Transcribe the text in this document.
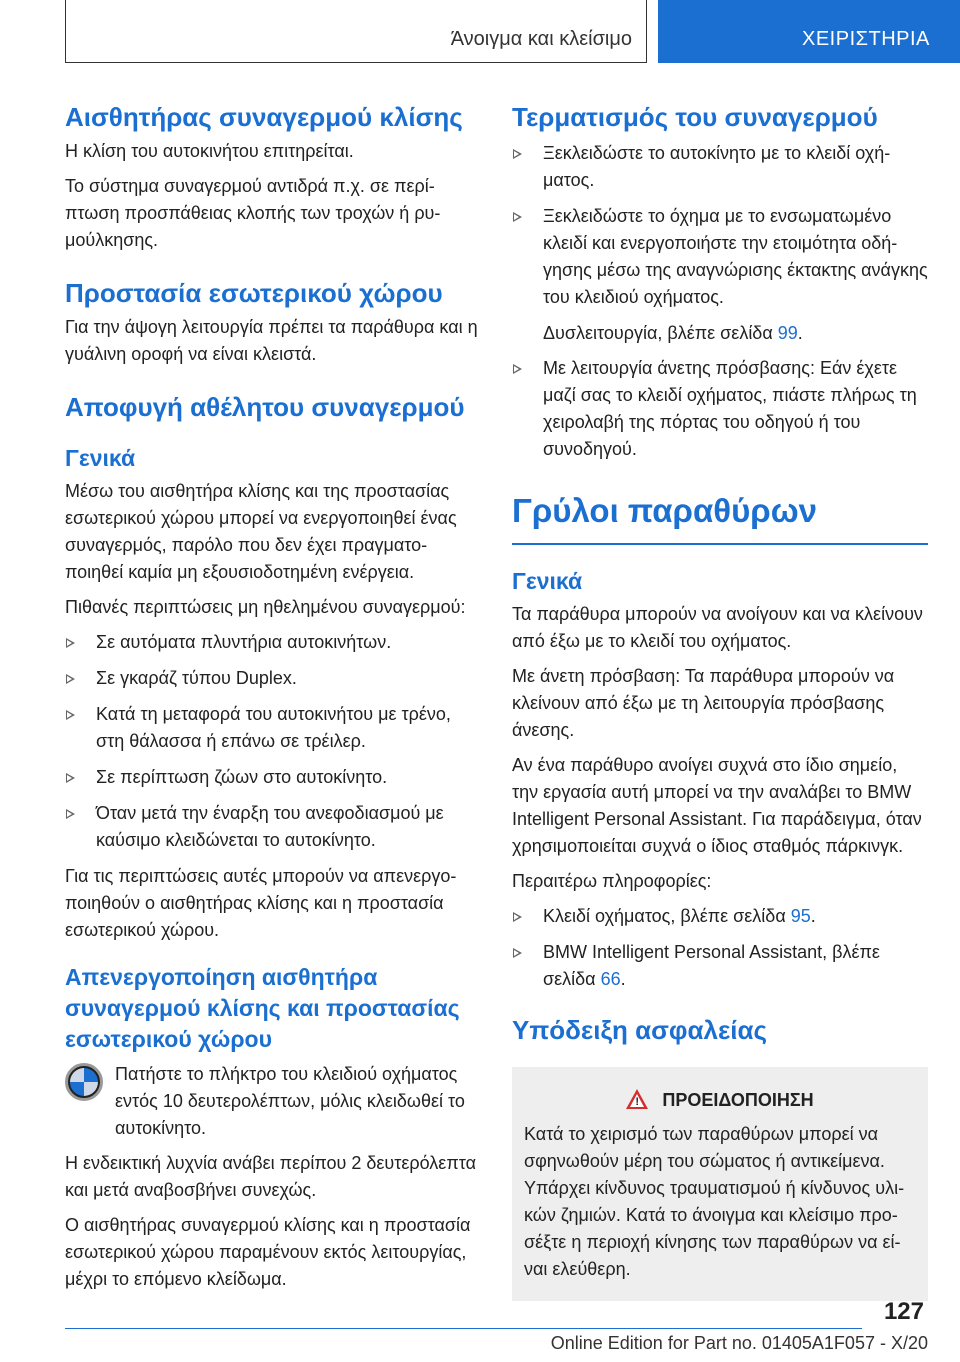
Άνοιγμα και κλείσιμο	ΧΕΙΡΙΣΤΗΡΙΑ
Αισθητήρας συναγερμού κλίσης

Η κλίση του αυτοκινήτου επιτηρείται.

Το σύστημα συναγερμού αντιδρά π.χ. σε περίπτωση προσπάθειας κλοπής των τροχών ή ρυμούλκησης.

Προστασία εσωτερικού χώρου

Για την άψογη λειτουργία πρέπει τα παράθυρα και η γυάλινη οροφή να είναι κλειστά.

Αποφυγή αθέλητου συναγερμού
Γενικά

Μέσω του αισθητήρα κλίσης και της προστασίας εσωτερικού χώρου μπορεί να ενεργοποιηθεί ένας συναγερμός, παρόλο που δεν έχει πραγματοποιηθεί καμία μη εξουσιοδοτημένη ενέργεια.

Πιθανές περιπτώσεις μη ηθελημένου συναγερμού:

Σε αυτόματα πλυντήρια αυτοκινήτων.
Σε γκαράζ τύπου Duplex.
Κατά τη μεταφορά του αυτοκινήτου με τρένο, στη θάλασσα ή επάνω σε τρέιλερ.
Σε περίπτωση ζώων στο αυτοκίνητο.
Όταν μετά την έναρξη του ανεφοδιασμού με καύσιμο κλειδώνεται το αυτοκίνητο.

Για τις περιπτώσεις αυτές μπορούν να απενεργοποιηθούν ο αισθητήρας κλίσης και η προστασία εσωτερικού χώρου.

Απενεργοποίηση αισθητήρα συναγερμού κλίσης και προστασίας εσωτερικού χώρου

Πατήστε το πλήκτρο του κλειδιού οχήματος εντός 10 δευτερολέπτων, μόλις κλειδωθεί το αυτοκίνητο.

Η ενδεικτική λυχνία ανάβει περίπου 2 δευτερόλεπτα και μετά αναβοσβήνει συνεχώς.

Ο αισθητήρας συναγερμού κλίσης και η προστασία εσωτερικού χώρου παραμένουν εκτός λειτουργίας, μέχρι το επόμενο κλείδωμα.

Τερματισμός του συναγερμού
Ξεκλειδώστε το αυτοκίνητο με το κλειδί οχήματος.
Ξεκλειδώστε το όχημα με το ενσωματωμένο κλειδί και ενεργοποιήστε την ετοιμότητα οδήγησης μέσω της αναγνώρισης έκτακτης ανάγκης του κλειδιού οχήματος.

Δυσλειτουργία, βλέπε σελίδα 99.

Με λειτουργία άνετης πρόσβασης: Εάν έχετε μαζί σας το κλειδί οχήματος, πιάστε πλήρως τη χειρολαβή της πόρτας του οδηγού ή του συνοδηγού.
Γρύλοι παραθύρων
Γενικά

Τα παράθυρα μπορούν να ανοίγουν και να κλείνουν από έξω με το κλειδί του οχήματος.

Με άνετη πρόσβαση: Τα παράθυρα μπορούν να κλείνουν από έξω με τη λειτουργία πρόσβασης άνεσης.

Αν ένα παράθυρο ανοίγει συχνά στο ίδιο σημείο, την εργασία αυτή μπορεί να την αναλάβει το BMW Intelligent Personal Assistant. Για παράδειγμα, όταν χρησιμοποιείται συχνά ο ίδιος σταθμός πάρκινγκ.

Περαιτέρω πληροφορίες:

Κλειδί οχήματος, βλέπε σελίδα 95.
BMW Intelligent Personal Assistant, βλέπε σελίδα 66.
Υπόδειξη ασφαλείας
! ΠΡΟΕΙΔΟΠΟΙΗΣΗ

Κατά το χειρισμό των παραθύρων μπορεί να σφηνωθούν μέρη του σώματος ή αντικείμενα. Υπάρχει κίνδυνος τραυματισμού ή κίνδυνος υλικών ζημιών. Κατά το άνοιγμα και κλείσιμο προσέξτε η περιοχή κίνησης των παραθύρων να είναι ελεύθερη.

127
Online Edition for Part no. 01405A1F057 - X/20
